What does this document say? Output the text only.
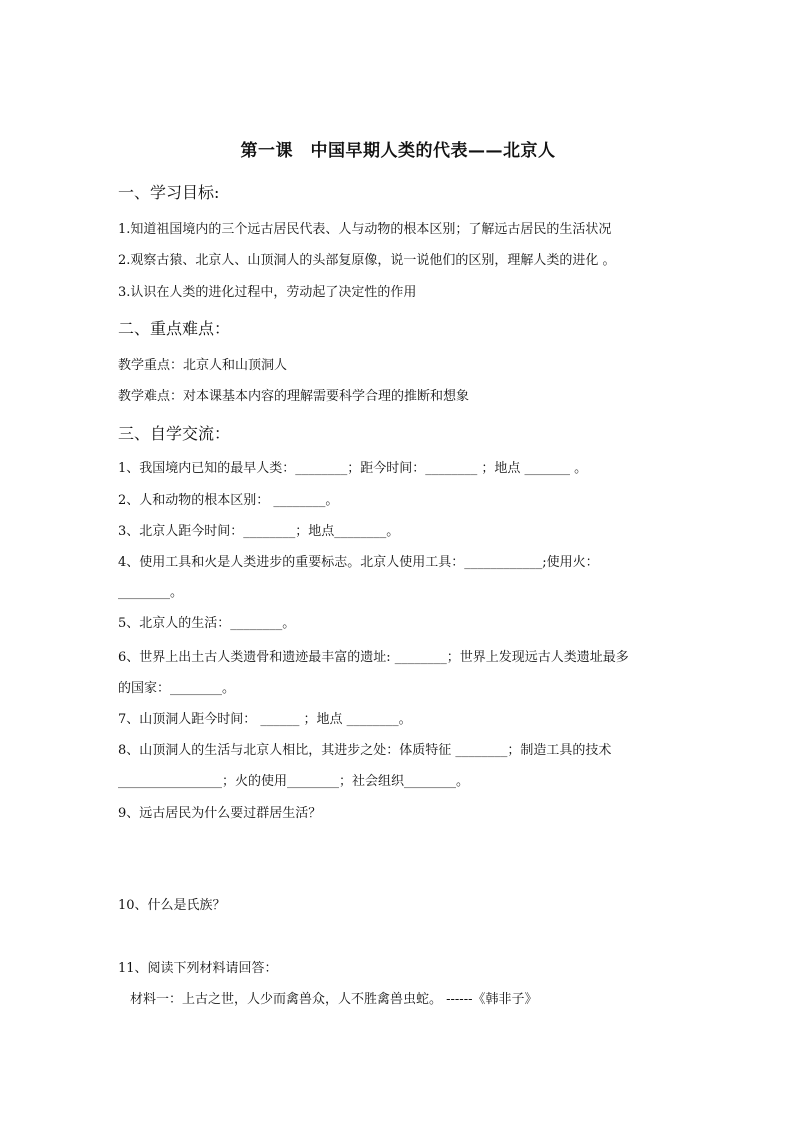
第一课　中国早期人类的代表——北京人
一、学习目标:
1.知道祖国境内的三个远古居民代表、人与动物的根本区别；了解远古居民的生活状况
2.观察古猿、北京人、山顶洞人的头部复原像，说一说他们的区别，理解人类的进化 。
3.认识在人类的进化过程中，劳动起了决定性的作用
二、重点难点：
教学重点：北京人和山顶洞人
教学难点：对本课基本内容的理解需要科学合理的推断和想象
三、自学交流：
1、我国境内已知的最早人类：________；距今时间：________ ；地点 _______ 。
2、人和动物的根本区别： ________。
3、北京人距今时间：________；地点________。
4、使用工具和火是人类进步的重要标志。北京人使用工具：____________;使用火：
________。
5、北京人的生活：________。
6、世界上出土古人类遗骨和遗迹最丰富的遗址: ________；世界上发现远古人类遗址最多
的国家：________。
7、山顶洞人距今时间： ______ ；地点 ________。
8、山顶洞人的生活与北京人相比，其进步之处：体质特征 ________；制造工具的技术
________________；火的使用________；社会组织________。
9、远古居民为什么要过群居生活？
10、什么是氏族？
11、阅读下列材料请回答：
材料一：上古之世，人少而禽兽众，人不胜禽兽虫蛇。 ------《韩非子》
